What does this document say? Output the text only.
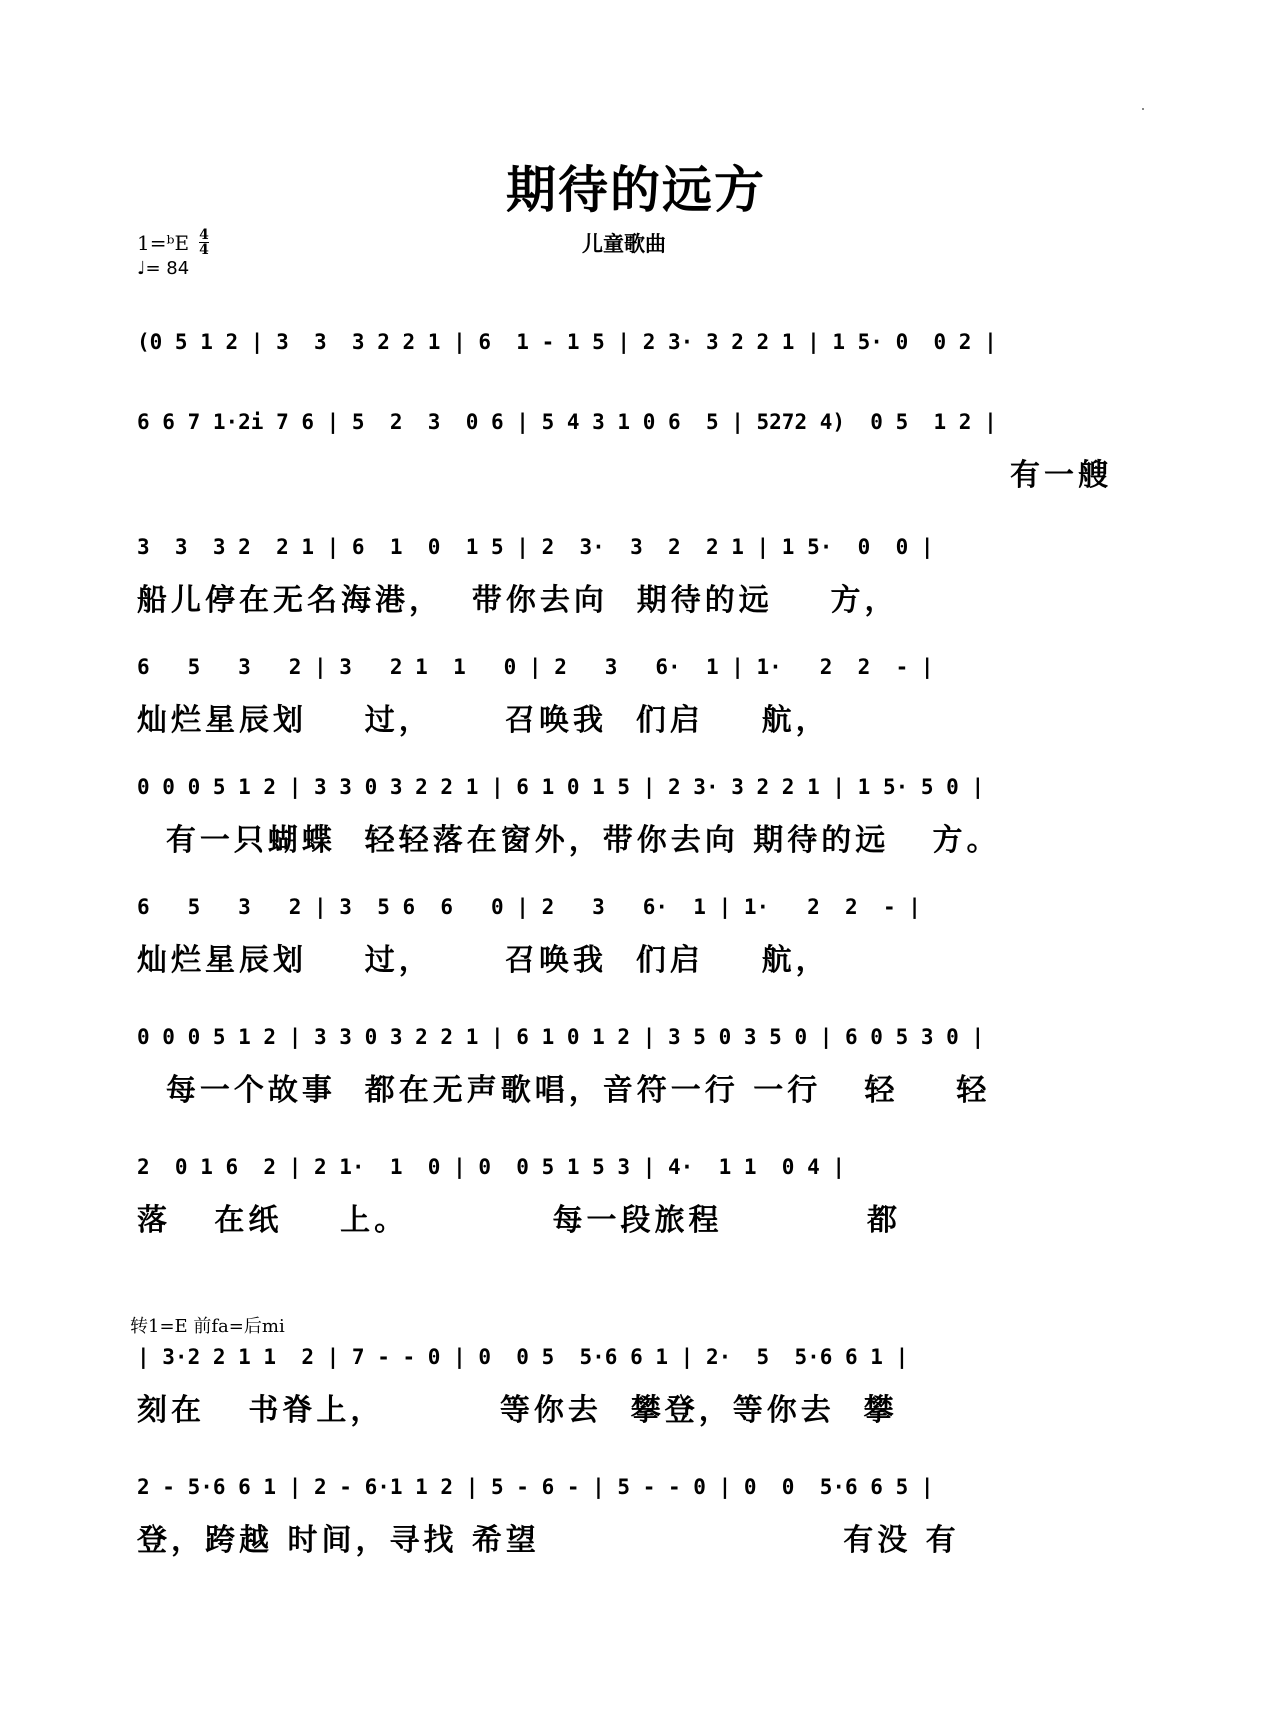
期待的远方
1=ᵇE $\frac{4}{4}$
♩= 84
儿童歌曲
(0 5 1 2 | 3  3  3 2 2 1 | 6  1 - 1 5 | 2 3· 3 2 2 1 | 1 5· 0  0 2 |
6 6 7 1·2i 7 6 | 5  2  3  0 6 | 5 4 3 1 0 6  5 | 5272 4)  0 5  1 2 |
有一艘
3  3  3 2  2 1 | 6  1  0  1 5 | 2  3·  3  2  2 1 | 1 5·  0  0 |
船儿停在无名海港，  带你去向  期待的远    方，
6   5   3   2 | 3   2 1  1   0 | 2   3   6·  1 | 1·   2  2  - |
灿烂星辰划    过，     召唤我  们启    航，
0 0 0 5 1 2 | 3 3 0 3 2 2 1 | 6 1 0 1 5 | 2 3· 3 2 2 1 | 1 5· 5 0 |
有一只蝴蝶  轻轻落在窗外，带你去向 期待的远   方。
6   5   3   2 | 3  5 6  6   0 | 2   3   6·  1 | 1·   2  2  - |
灿烂星辰划    过，     召唤我  们启    航，
0 0 0 5 1 2 | 3 3 0 3 2 2 1 | 6 1 0 1 2 | 3 5 0 3 5 0 | 6 0 5 3 0 |
每一个故事  都在无声歌唱，音符一行 一行   轻    轻
2  0 1 6  2 | 2 1·  1  0 | 0  0 5 1 5 3 | 4·  1 1  0 4 |
落   在纸    上。          每一段旅程          都
转1=E 前fa=后mi
| 3·2 2 1 1  2 | 7 - - 0 | 0  0 5  5·6 6 1 | 2·  5  5·6 6 1 |
刻在   书脊上，        等你去  攀登，等你去  攀
2 - 5·6 6 1 | 2 - 6·1 1 2 | 5 - 6 - | 5 - - 0 | 0  0  5·6 6 5 |
登，跨越 时间，寻找 希望                     有没 有
